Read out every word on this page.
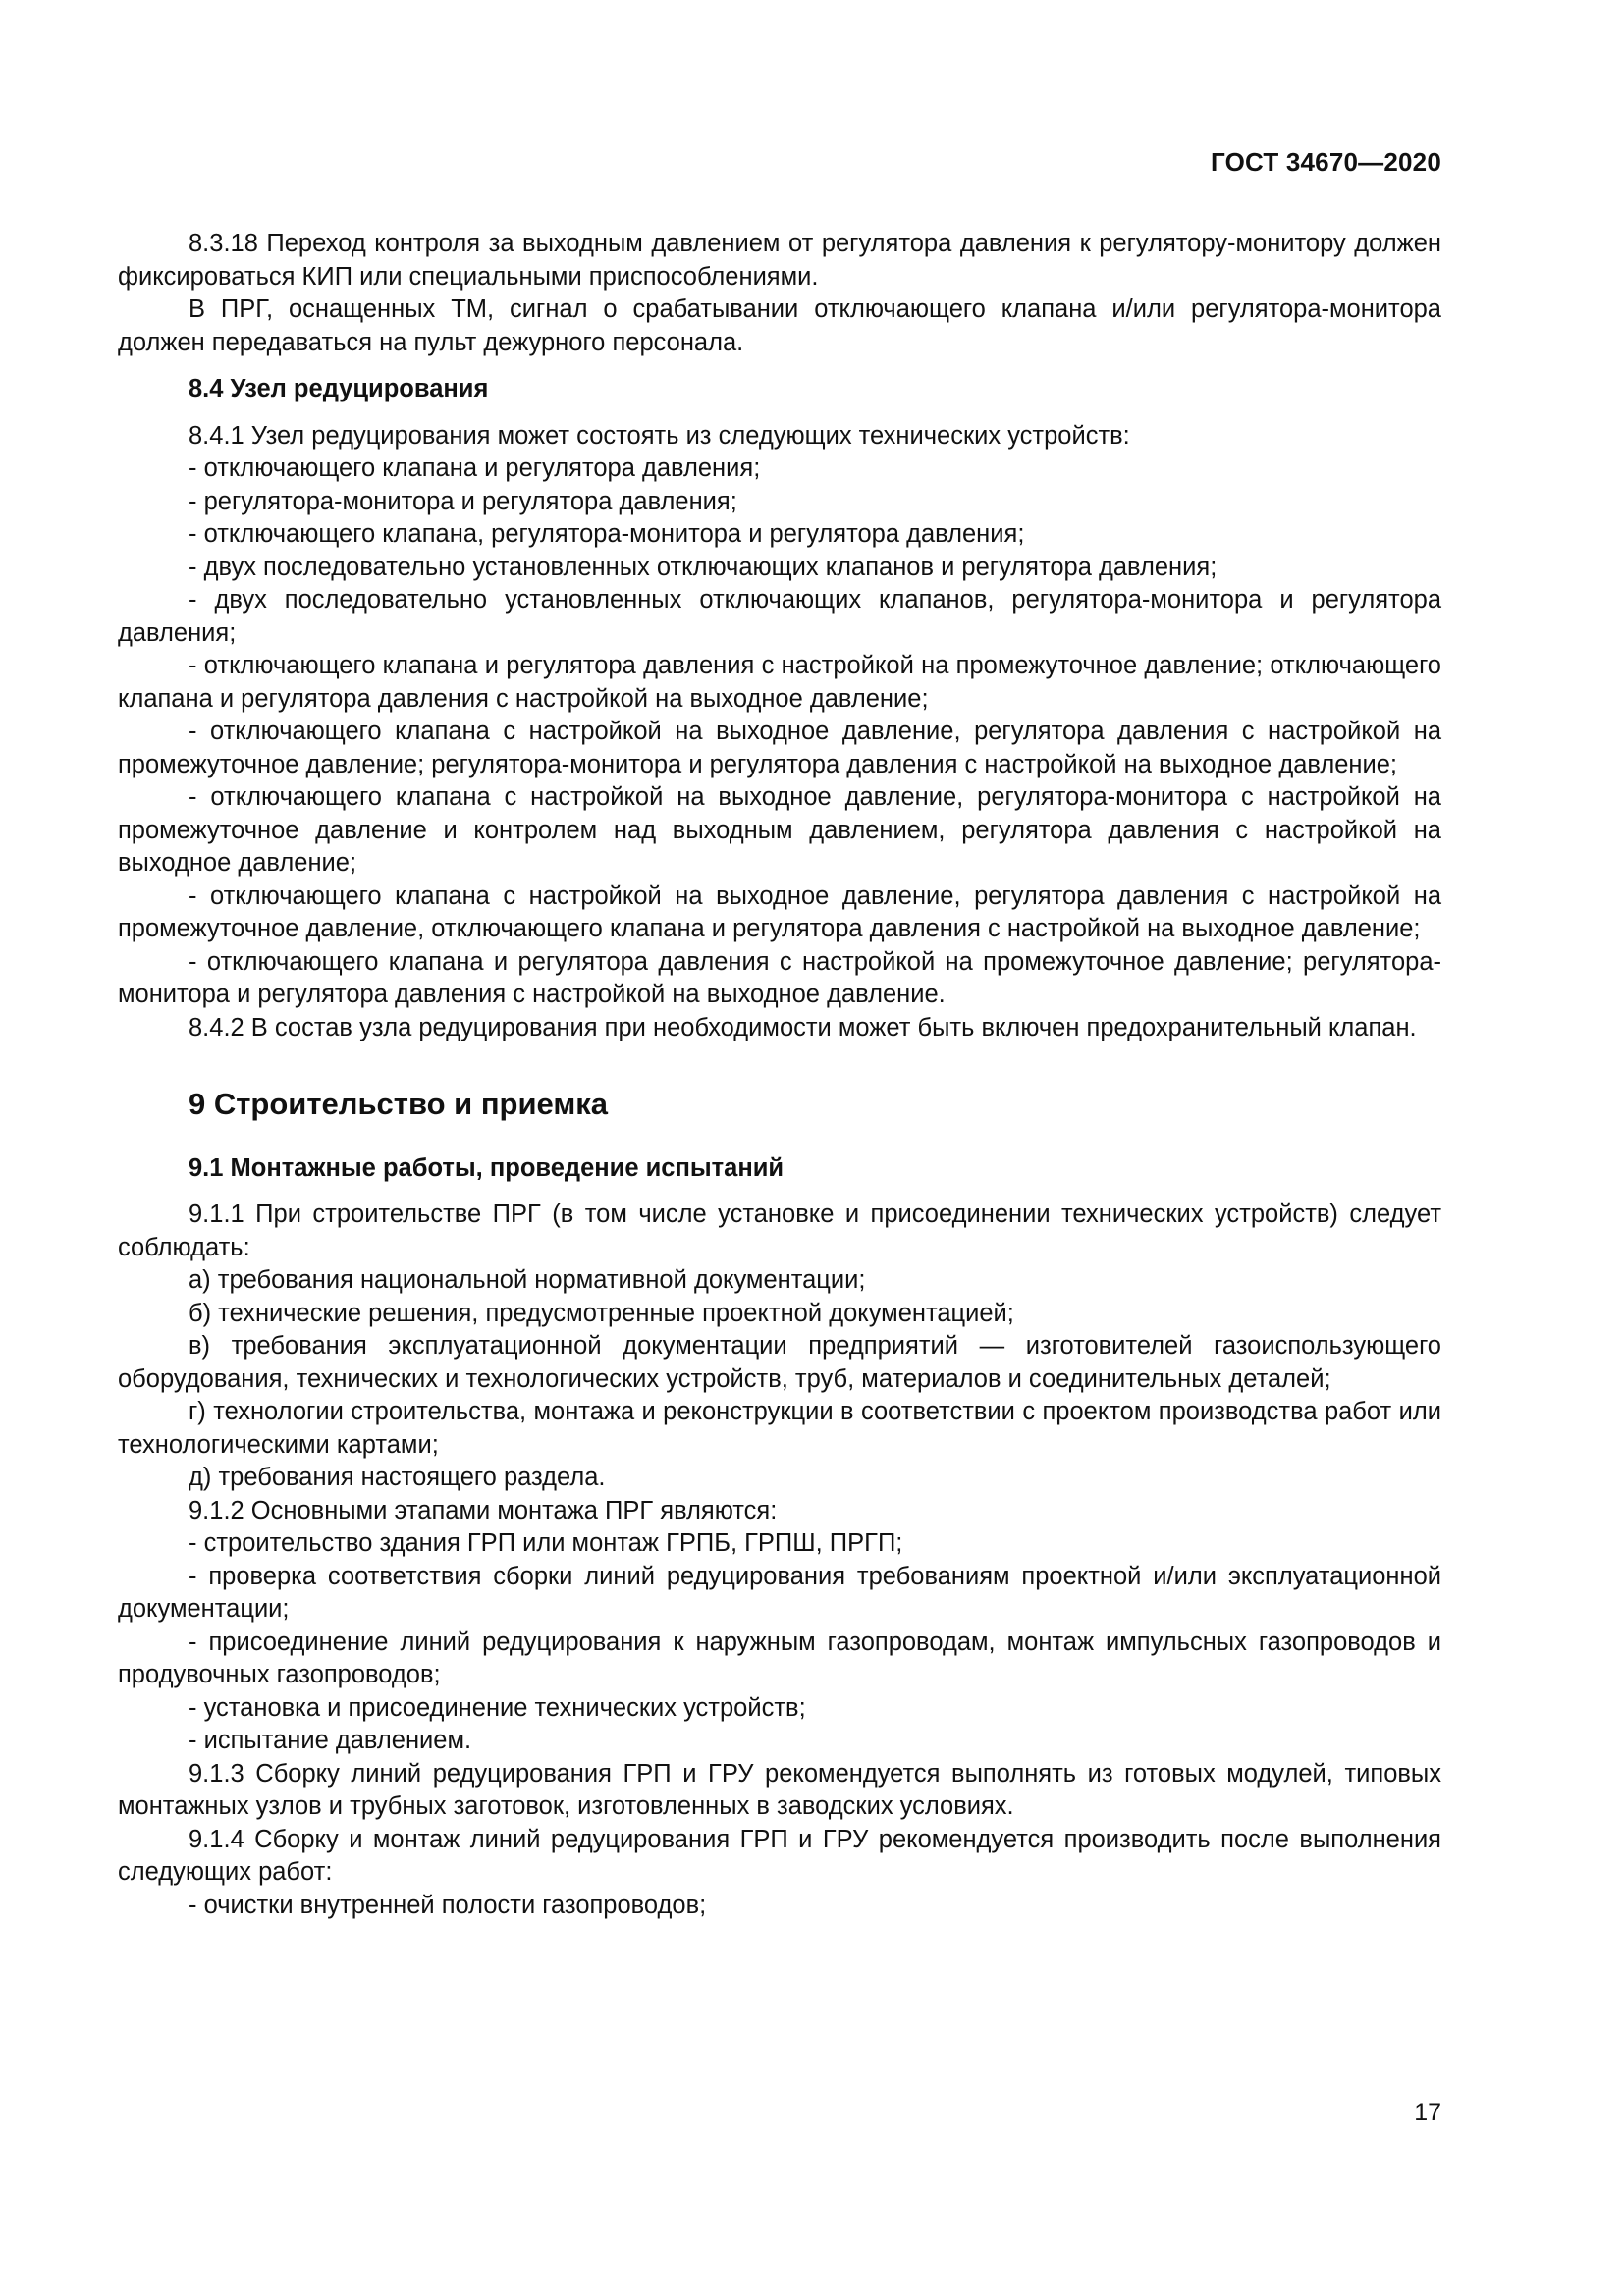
ГОСТ 34670—2020

8.3.18 Переход контроля за выходным давлением от регулятора давления к регулятору-монитору должен фиксироваться КИП или специальными приспособлениями.

В ПРГ, оснащенных ТМ, сигнал о срабатывании отключающего клапана и/или регулятора-монитора должен передаваться на пульт дежурного персонала.

8.4 Узел редуцирования

8.4.1 Узел редуцирования может состоять из следующих технических устройств:

- отключающего клапана и регулятора давления;

- регулятора-монитора и регулятора давления;

- отключающего клапана, регулятора-монитора и регулятора давления;

- двух последовательно установленных отключающих клапанов и регулятора давления;

- двух последовательно установленных отключающих клапанов, регулятора-монитора и регулятора давления;

- отключающего клапана и регулятора давления с настройкой на промежуточное давление; отключающего клапана и регулятора давления с настройкой на выходное давление;

- отключающего клапана с настройкой на выходное давление, регулятора давления с настройкой на промежуточное давление; регулятора-монитора и регулятора давления с настройкой на выходное давление;

- отключающего клапана с настройкой на выходное давление, регулятора-монитора с настройкой на промежуточное давление и контролем над выходным давлением, регулятора давления с настройкой на выходное давление;

- отключающего клапана с настройкой на выходное давление, регулятора давления с настройкой на промежуточное давление, отключающего клапана и регулятора давления с настройкой на выходное давление;

- отключающего клапана и регулятора давления с настройкой на промежуточное давление; регулятора-монитора и регулятора давления с настройкой на выходное давление.

8.4.2 В состав узла редуцирования при необходимости может быть включен предохранительный клапан.

9 Строительство и приемка

9.1 Монтажные работы, проведение испытаний

9.1.1 При строительстве ПРГ (в том числе установке и присоединении технических устройств) следует соблюдать:

а) требования национальной нормативной документации;

б) технические решения, предусмотренные проектной документацией;

в) требования эксплуатационной документации предприятий — изготовителей газоиспользующего оборудования, технических и технологических устройств, труб, материалов и соединительных деталей;

г) технологии строительства, монтажа и реконструкции в соответствии с проектом производства работ или технологическими картами;

д) требования настоящего раздела.

9.1.2 Основными этапами монтажа ПРГ являются:

- строительство здания ГРП или монтаж ГРПБ, ГРПШ, ПРГП;

- проверка соответствия сборки линий редуцирования требованиям проектной и/или эксплуатационной документации;

- присоединение линий редуцирования к наружным газопроводам, монтаж импульсных газопроводов и продувочных газопроводов;

- установка и присоединение технических устройств;

- испытание давлением.

9.1.3 Сборку линий редуцирования ГРП и ГРУ рекомендуется выполнять из готовых модулей, типовых монтажных узлов и трубных заготовок, изготовленных в заводских условиях.

9.1.4 Сборку и монтаж линий редуцирования ГРП и ГРУ рекомендуется производить после выполнения следующих работ:

- очистки внутренней полости газопроводов;

17
